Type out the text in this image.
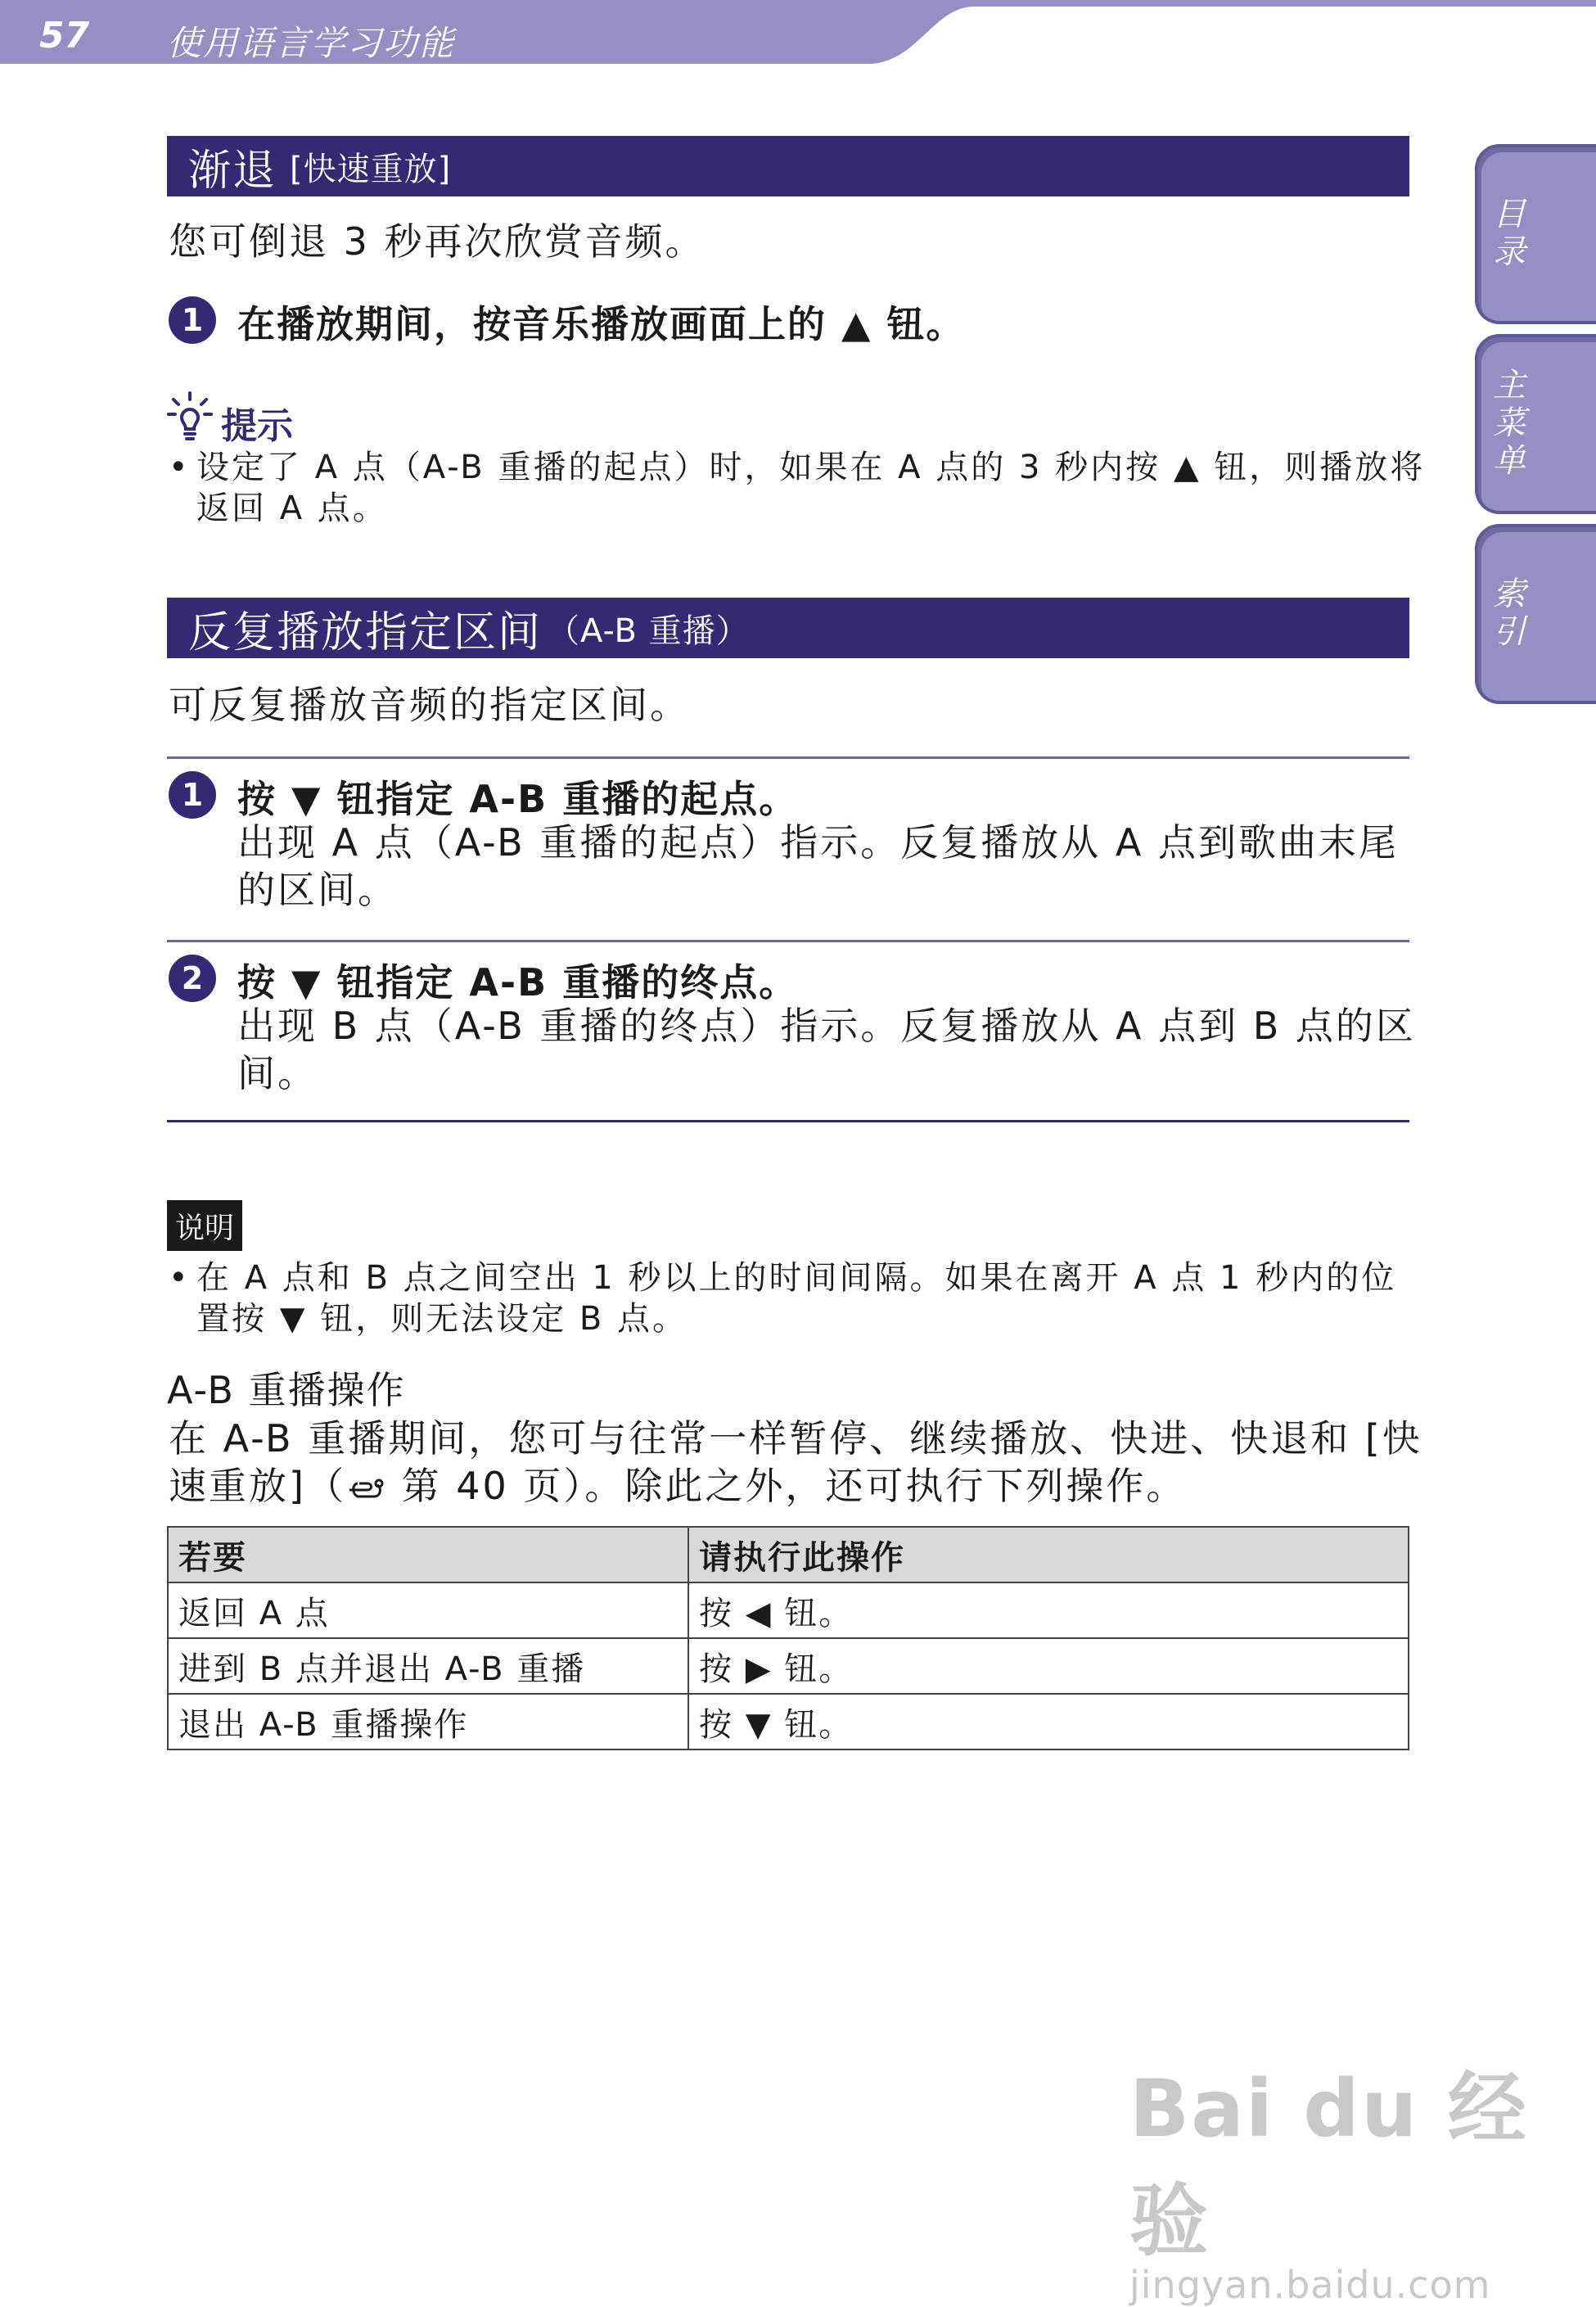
57 使用语言学习功能
目录
主菜单
索引
渐退 [快速重放]
您可倒退 3 秒再次欣赏音频。
1 在播放期间，按音乐播放画面上的 ▲ 钮。
提示
• 设定了 A 点（A-B 重播的起点）时，如果在 A 点的 3 秒内按 ▲ 钮，则播放将
返回 A 点。
反复播放指定区间 （A-B 重播）
可反复播放音频的指定区间。
1 按 ▼ 钮指定 A-B 重播的起点。
出现 A 点（A-B 重播的起点）指示。反复播放从 A 点到歌曲末尾
的区间。
2 按 ▼ 钮指定 A-B 重播的终点。
出现 B 点（A-B 重播的终点）指示。反复播放从 A 点到 B 点的区
间。
说明
• 在 A 点和 B 点之间空出 1 秒以上的时间间隔。如果在离开 A 点 1 秒内的位
置按 ▼ 钮，则无法设定 B 点。
A-B 重播操作
在 A-B 重播期间，您可与往常一样暂停、继续播放、快进、快退和 [快
速重放]（ 第 40 页）。除此之外，还可执行下列操作。
若要	请执行此操作
返回 A 点	按 ◀ 钮。
进到 B 点并退出 A-B 重播	按 ▶ 钮。
退出 A-B 重播操作	按 ▼ 钮。
Bai du 经验
jingyan.baidu.com
